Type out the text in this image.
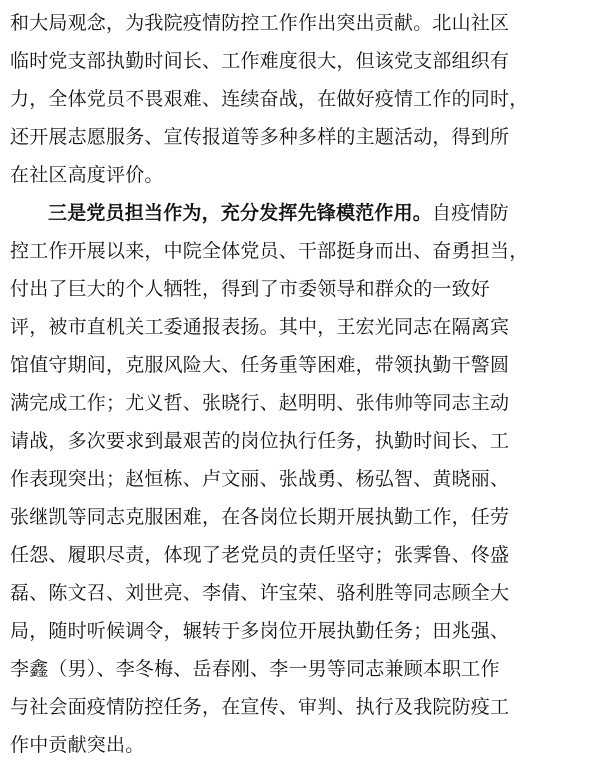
和大局观念，为我院疫情防控工作作出突出贡献。北山社区
临时党支部执勤时间长、工作难度很大，但该党支部组织有
力，全体党员不畏艰难、连续奋战，在做好疫情工作的同时，
还开展志愿服务、宣传报道等多种多样的主题活动，得到所
在社区高度评价。
三是党员担当作为，充分发挥先锋模范作用。自疫情防
控工作开展以来，中院全体党员、干部挺身而出、奋勇担当，
付出了巨大的个人牺牲，得到了市委领导和群众的一致好
评，被市直机关工委通报表扬。其中，王宏光同志在隔离宾
馆值守期间，克服风险大、任务重等困难，带领执勤干警圆
满完成工作；尤义哲、张晓行、赵明明、张伟帅等同志主动
请战，多次要求到最艰苦的岗位执行任务，执勤时间长、工
作表现突出；赵恒栋、卢文丽、张战勇、杨弘智、黄晓丽、
张继凯等同志克服困难，在各岗位长期开展执勤工作，任劳
任怨、履职尽责，体现了老党员的责任坚守；张霁鲁、佟盛
磊、陈文召、刘世亮、李倩、许宝荣、骆利胜等同志顾全大
局，随时听候调令，辗转于多岗位开展执勤任务；田兆强、
李鑫（男）、李冬梅、岳春刚、李一男等同志兼顾本职工作
与社会面疫情防控任务，在宣传、审判、执行及我院防疫工
作中贡献突出。
